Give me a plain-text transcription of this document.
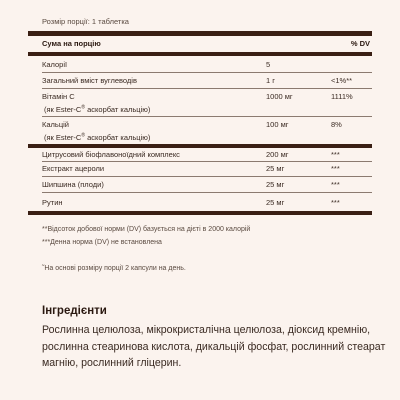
Розмір порції: 1 таблетка
Сума на порцію	% DV
Калорії	5
Загальний вміст вуглеводів	1 г	<1%**
Вітамін C
(як Ester-C® аскорбат кальцію)
1000 мг	1111%
Кальцій
(як Ester-C® аскорбат кальцію)
100 мг	8%
Цитрусовий біофлавоноїдний комплекс	200 мг	***
Екстракт ацероли	25 мг	***
Шипшина (плоди)	25 мг	***
Рутин	25 мг	***
**Відсоток добової норми (DV) базується на дієті в 2000 калорій
***Денна норма (DV) не встановлена
˜На основі розміру порції 2 капсули на день.
Інгредієнти
Рослинна целюлоза, мікрокристалічна целюлоза, діоксид кремнію, рослинна стеаринова кислота, дикальцій фосфат, рослинний стеарат магнію, рослинний гліцерин.
